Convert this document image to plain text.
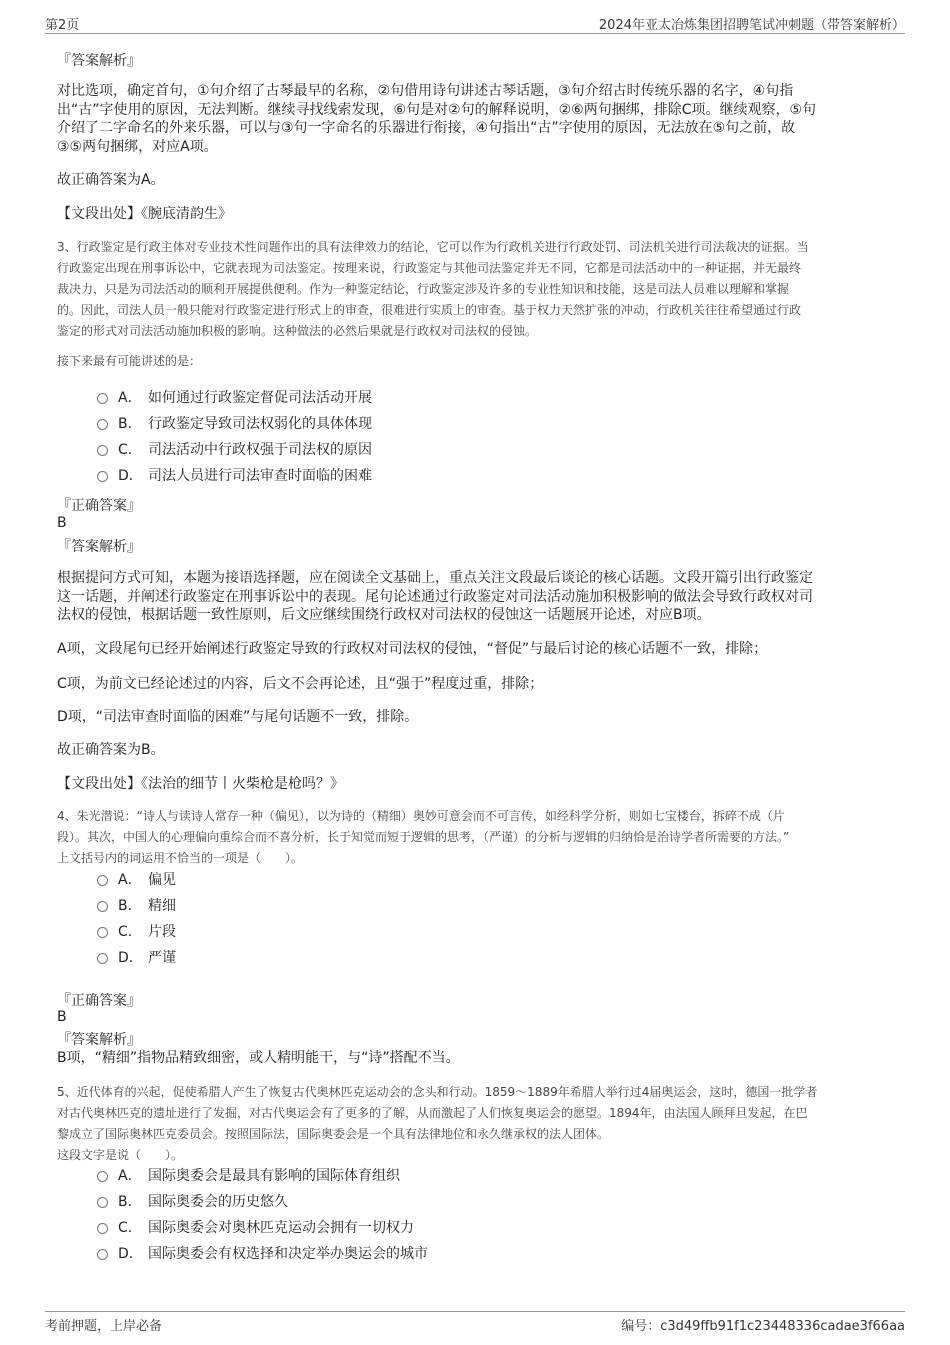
第2页	2024年亚太冶炼集团招聘笔试冲刺题（带答案解析）
『答案解析』
对比选项，确定首句，①句介绍了古琴最早的名称，②句借用诗句讲述古琴话题，③句介绍古时传统乐器的名字，④句指
出“古”字使用的原因，无法判断。继续寻找线索发现，⑥句是对②句的解释说明，②⑥两句捆绑，排除C项。继续观察，⑤句
介绍了二字命名的外来乐器，可以与③句一字命名的乐器进行衔接，④句指出“古”字使用的原因，无法放在⑤句之前，故
③⑤两句捆绑，对应A项。
故正确答案为A。
【文段出处】《腕底清韵生》
3、行政鉴定是行政主体对专业技术性问题作出的具有法律效力的结论，它可以作为行政机关进行行政处罚、司法机关进行司法裁决的证据。当
行政鉴定出现在刑事诉讼中，它就表现为司法鉴定。按理来说，行政鉴定与其他司法鉴定并无不同，它都是司法活动中的一种证据，并无最终
裁决力，只是为司法活动的顺利开展提供便利。作为一种鉴定结论，行政鉴定涉及许多的专业性知识和技能，这是司法人员难以理解和掌握
的。因此，司法人员一般只能对行政鉴定进行形式上的审查，很难进行实质上的审查。基于权力天然扩张的冲动，行政机关往往希望通过行政
鉴定的形式对司法活动施加积极的影响。这种做法的必然后果就是行政权对司法权的侵蚀。
接下来最有可能讲述的是：
A． 如何通过行政鉴定督促司法活动开展
B． 行政鉴定导致司法权弱化的具体体现
C． 司法活动中行政权强于司法权的原因
D． 司法人员进行司法审查时面临的困难
『正确答案』
B
『答案解析』
根据提问方式可知，本题为接语选择题，应在阅读全文基础上，重点关注文段最后谈论的核心话题。文段开篇引出行政鉴定
这一话题，并阐述行政鉴定在刑事诉讼中的表现。尾句论述通过行政鉴定对司法活动施加积极影响的做法会导致行政权对司
法权的侵蚀，根据话题一致性原则，后文应继续围绕行政权对司法权的侵蚀这一话题展开论述，对应B项。
A项，文段尾句已经开始阐述行政鉴定导致的行政权对司法权的侵蚀，“督促”与最后讨论的核心话题不一致，排除；
C项，为前文已经论述过的内容，后文不会再论述，且“强于”程度过重，排除；
D项，“司法审查时面临的困难”与尾句话题不一致，排除。
故正确答案为B。
【文段出处】《法治的细节丨火柴枪是枪吗？》
4、朱光潜说：“诗人与读诗人常存一种（偏见），以为诗的（精细）奥妙可意会而不可言传，如经科学分析，则如七宝楼台，拆碎不成（片
段）。其次，中国人的心理偏向重综合而不喜分析，长于知觉而短于逻辑的思考，（严谨）的分析与逻辑的归纳恰是治诗学者所需要的方法。”
上文括号内的词运用不恰当的一项是（　　）。
A． 偏见
B． 精细
C． 片段
D． 严谨
『正确答案』
B
『答案解析』
B项，“精细”指物品精致细密，或人精明能干，与“诗”搭配不当。
5、近代体育的兴起，促使希腊人产生了恢复古代奥林匹克运动会的念头和行动。1859～1889年希腊人举行过4届奥运会，这时，德国一批学者
对古代奥林匹克的遗址进行了发掘，对古代奥运会有了更多的了解，从而激起了人们恢复奥运会的愿望。1894年，由法国人顾拜旦发起，在巴
黎成立了国际奥林匹克委员会。按照国际法，国际奥委会是一个具有法律地位和永久继承权的法人团体。
这段文字是说（　　）。
A． 国际奥委会是最具有影响的国际体育组织
B． 国际奥委会的历史悠久
C． 国际奥委会对奥林匹克运动会拥有一切权力
D． 国际奥委会有权选择和决定举办奥运会的城市
考前押题，上岸必备	编号：c3d49ffb91f1c23448336cadae3f66aa
